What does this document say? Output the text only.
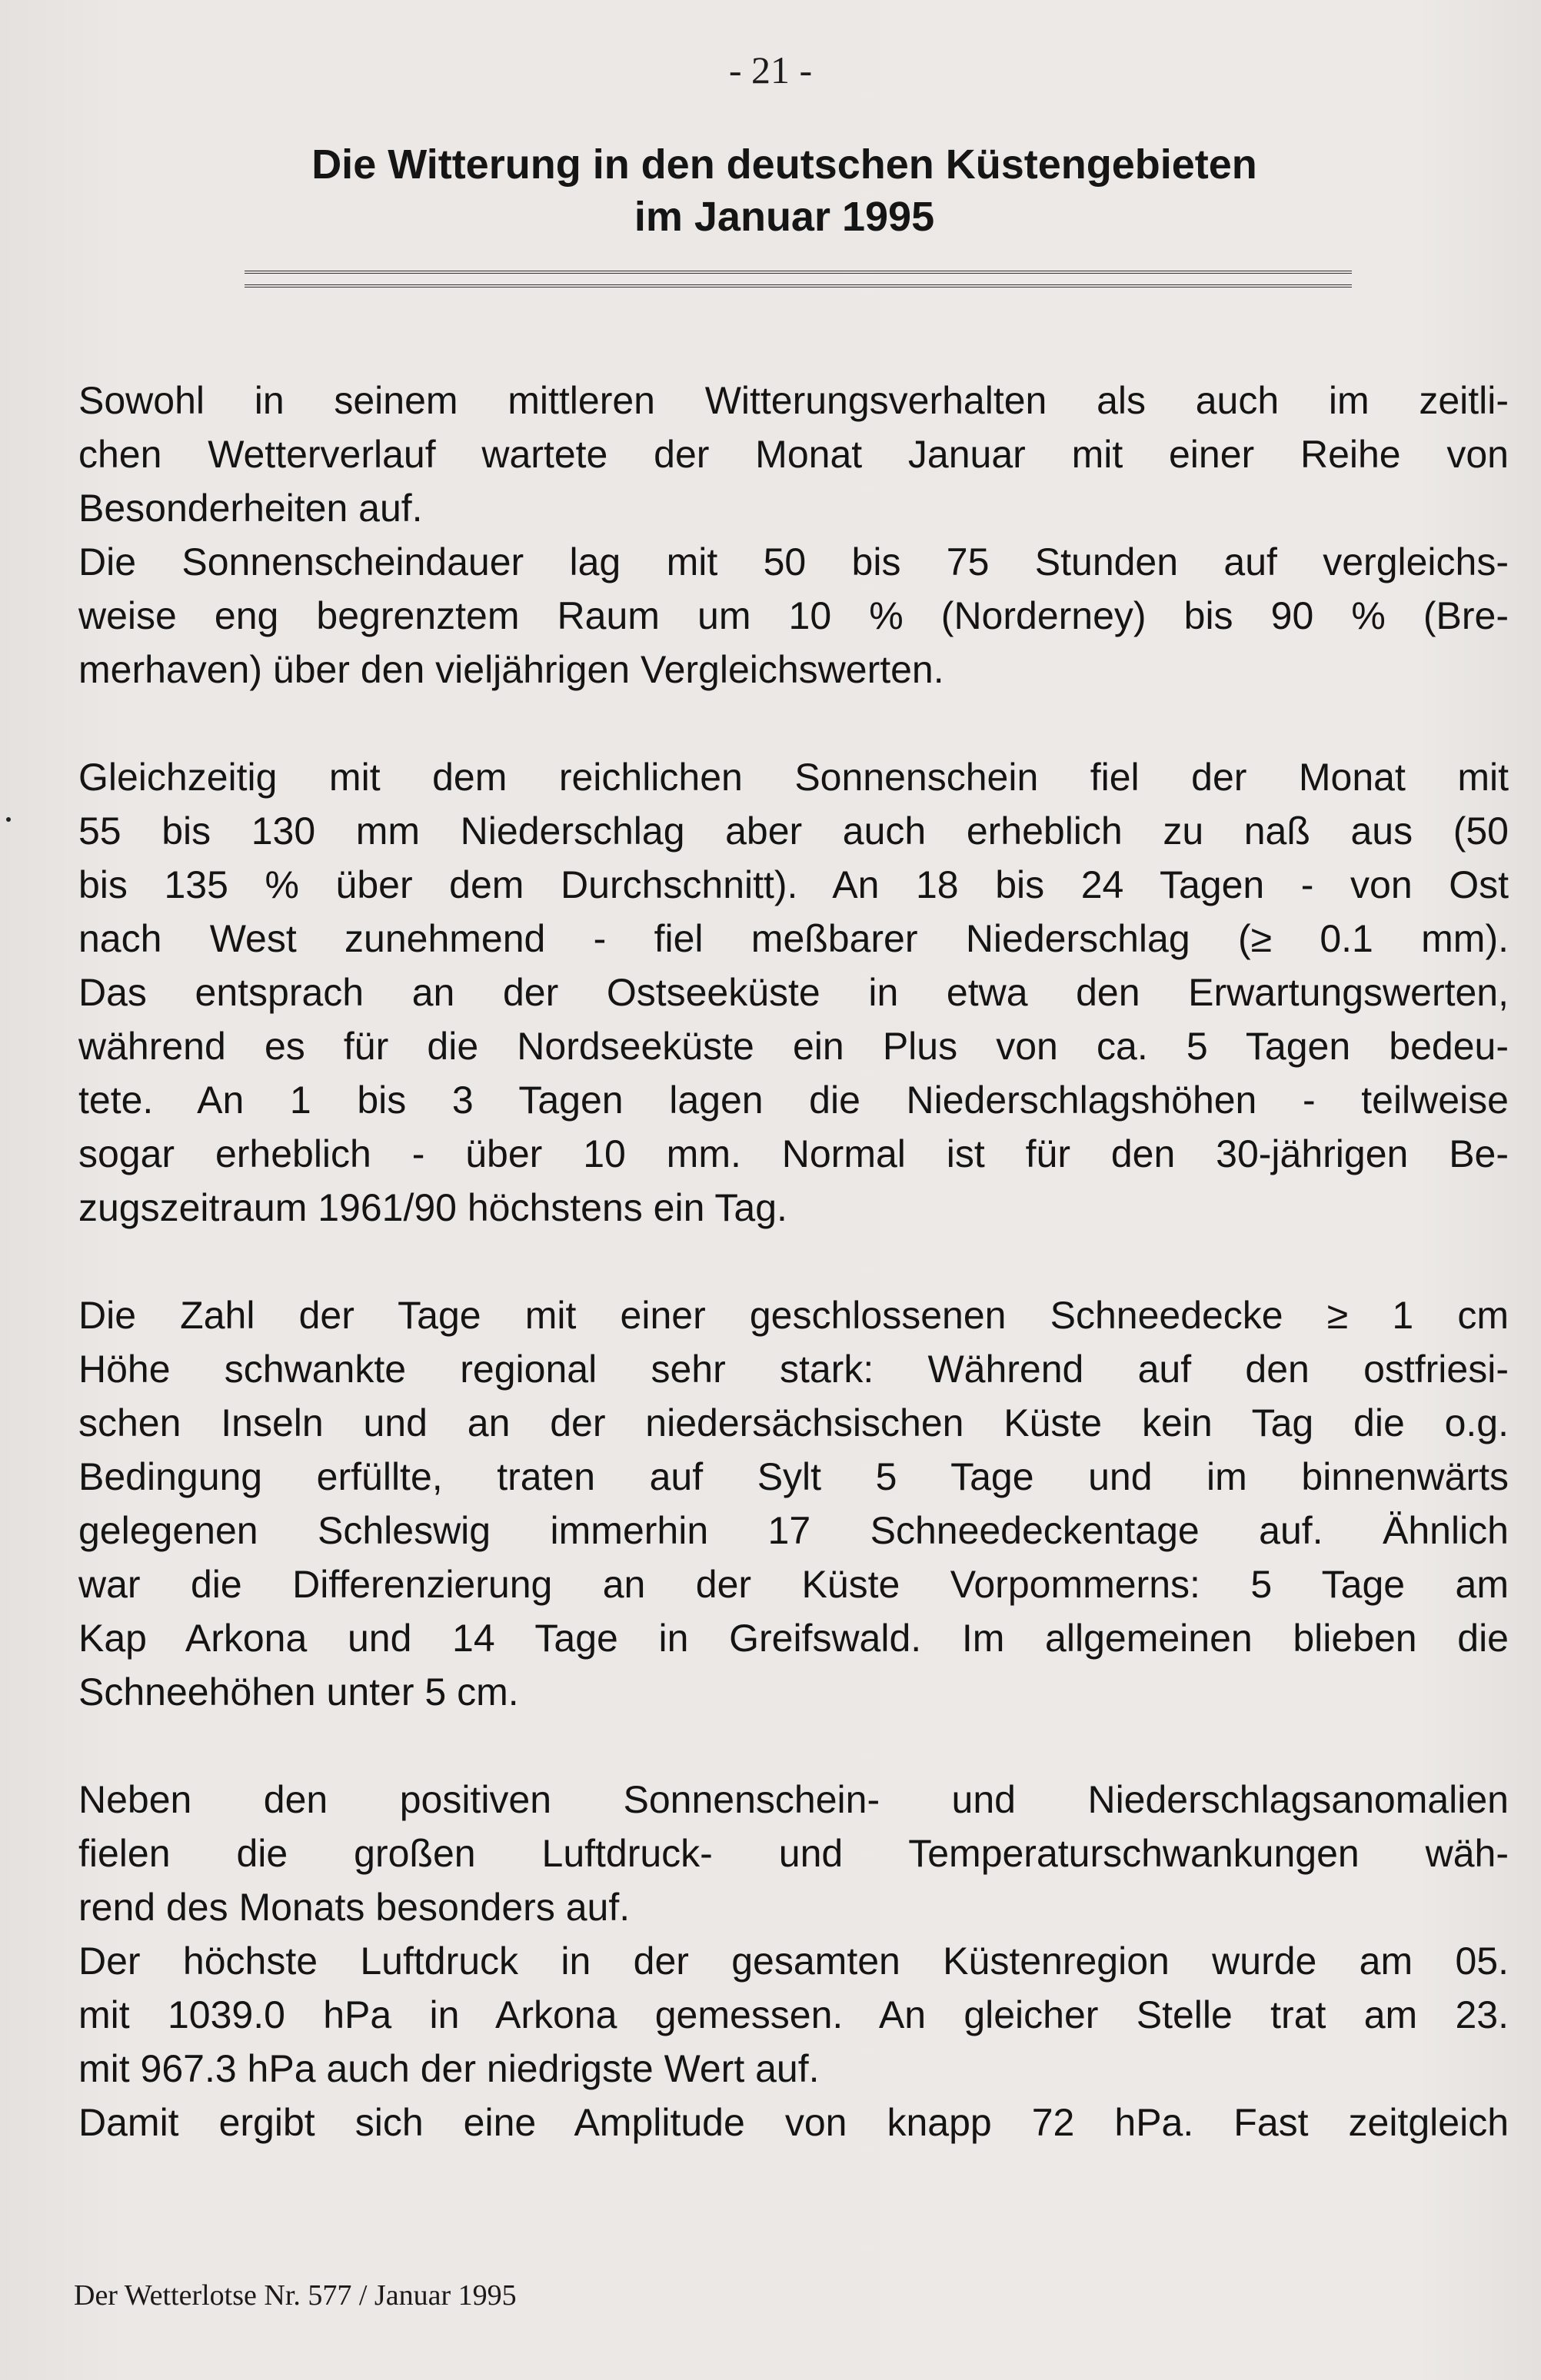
- 21 -
Die Witterung in den deutschen Küstengebieten
im Januar 1995
Sowohl in seinem mittleren Witterungsverhalten als auch im zeitli-
chen Wetterverlauf wartete der Monat Januar mit einer Reihe von
Besonderheiten auf.
Die Sonnenscheindauer lag mit 50 bis 75 Stunden auf vergleichs-
weise eng begrenztem Raum um 10 % (Norderney) bis 90 % (Bre-
merhaven) über den vieljährigen Vergleichswerten.
Gleichzeitig mit dem reichlichen Sonnenschein fiel der Monat mit
55 bis 130 mm Niederschlag aber auch erheblich zu naß aus (50
bis 135 % über dem Durchschnitt). An 18 bis 24 Tagen - von Ost
nach West zunehmend - fiel meßbarer Niederschlag (≥ 0.1 mm).
Das entsprach an der Ostseeküste in etwa den Erwartungswerten,
während es für die Nordseeküste ein Plus von ca. 5 Tagen bedeu-
tete. An 1 bis 3 Tagen lagen die Niederschlagshöhen - teilweise
sogar erheblich - über 10 mm. Normal ist für den 30-jährigen Be-
zugszeitraum 1961/90 höchstens ein Tag.
Die Zahl der Tage mit einer geschlossenen Schneedecke ≥ 1 cm
Höhe schwankte regional sehr stark: Während auf den ostfriesi-
schen Inseln und an der niedersächsischen Küste kein Tag die o.g.
Bedingung erfüllte, traten auf Sylt 5 Tage und im binnenwärts
gelegenen Schleswig immerhin 17 Schneedeckentage auf. Ähnlich
war die Differenzierung an der Küste Vorpommerns: 5 Tage am
Kap Arkona und 14 Tage in Greifswald. Im allgemeinen blieben die
Schneehöhen unter 5 cm.
Neben den positiven Sonnenschein- und Niederschlagsanomalien
fielen die großen Luftdruck- und Temperaturschwankungen wäh-
rend des Monats besonders auf.
Der höchste Luftdruck in der gesamten Küstenregion wurde am 05.
mit 1039.0 hPa in Arkona gemessen. An gleicher Stelle trat am 23.
mit 967.3 hPa auch der niedrigste Wert auf.
Damit ergibt sich eine Amplitude von knapp 72 hPa. Fast zeitgleich
Der Wetterlotse Nr. 577 / Januar 1995
